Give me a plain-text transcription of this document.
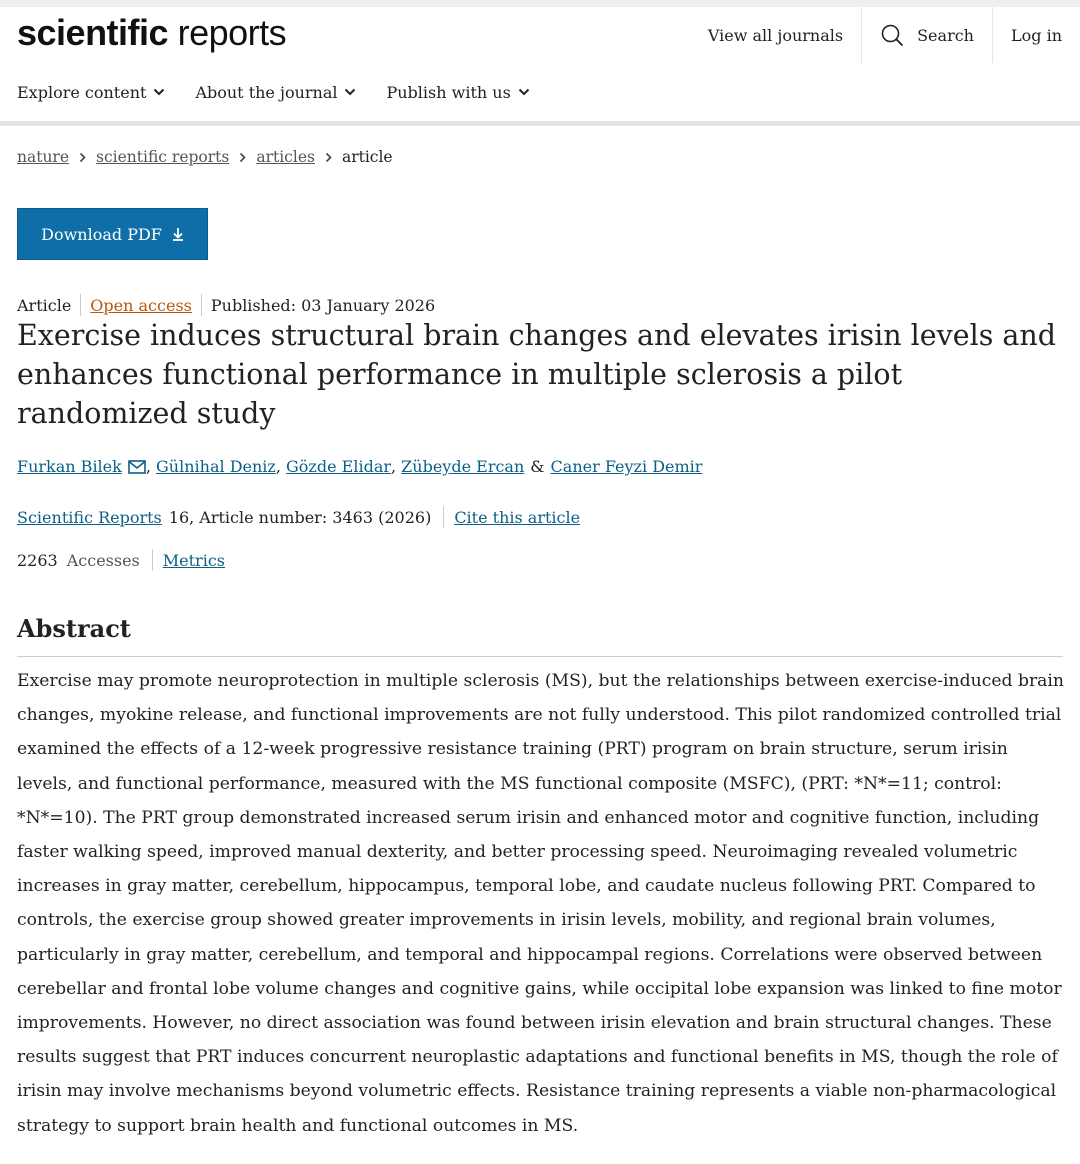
scientific reports	View all journals	Search Log in
Explore content	About the journal	Publish with us
nature scientific reports articles article
Download PDF
Article Open access Published: 03 January 2026
Exercise induces structural brain changes and elevates irisin levels and enhances functional performance in multiple sclerosis a pilot randomized study
Furkan Bilek , Gülnihal Deniz , Gözde Elidar , Zübeyde Ercan & Caner Feyzi Demir
Scientific Reports 16, Article number: 3463 (2026) Cite this article
2263 Accesses Metrics
Abstract

Exercise may promote neuroprotection in multiple sclerosis (MS), but the relationships between exercise-induced brain changes, myokine release, and functional improvements are not fully understood. This pilot randomized controlled trial examined the effects of a 12-week progressive resistance training (PRT) program on brain structure, serum irisin levels, and functional performance, measured with the MS functional composite (MSFC), (PRT: *N*=11; control: *N*=10). The PRT group demonstrated increased serum irisin and enhanced motor and cognitive function, including faster walking speed, improved manual dexterity, and better processing speed. Neuroimaging revealed volumetric increases in gray matter, cerebellum, hippocampus, temporal lobe, and caudate nucleus following PRT. Compared to controls, the exercise group showed greater improvements in irisin levels, mobility, and regional brain volumes, particularly in gray matter, cerebellum, and temporal and hippocampal regions. Correlations were observed between cerebellar and frontal lobe volume changes and cognitive gains, while occipital lobe expansion was linked to fine motor improvements. However, no direct association was found between irisin elevation and brain structural changes. These results suggest that PRT induces concurrent neuroplastic adaptations and functional benefits in MS, though the role of irisin may involve mechanisms beyond volumetric effects. Resistance training represents a viable non-pharmacological strategy to support brain health and functional outcomes in MS.
